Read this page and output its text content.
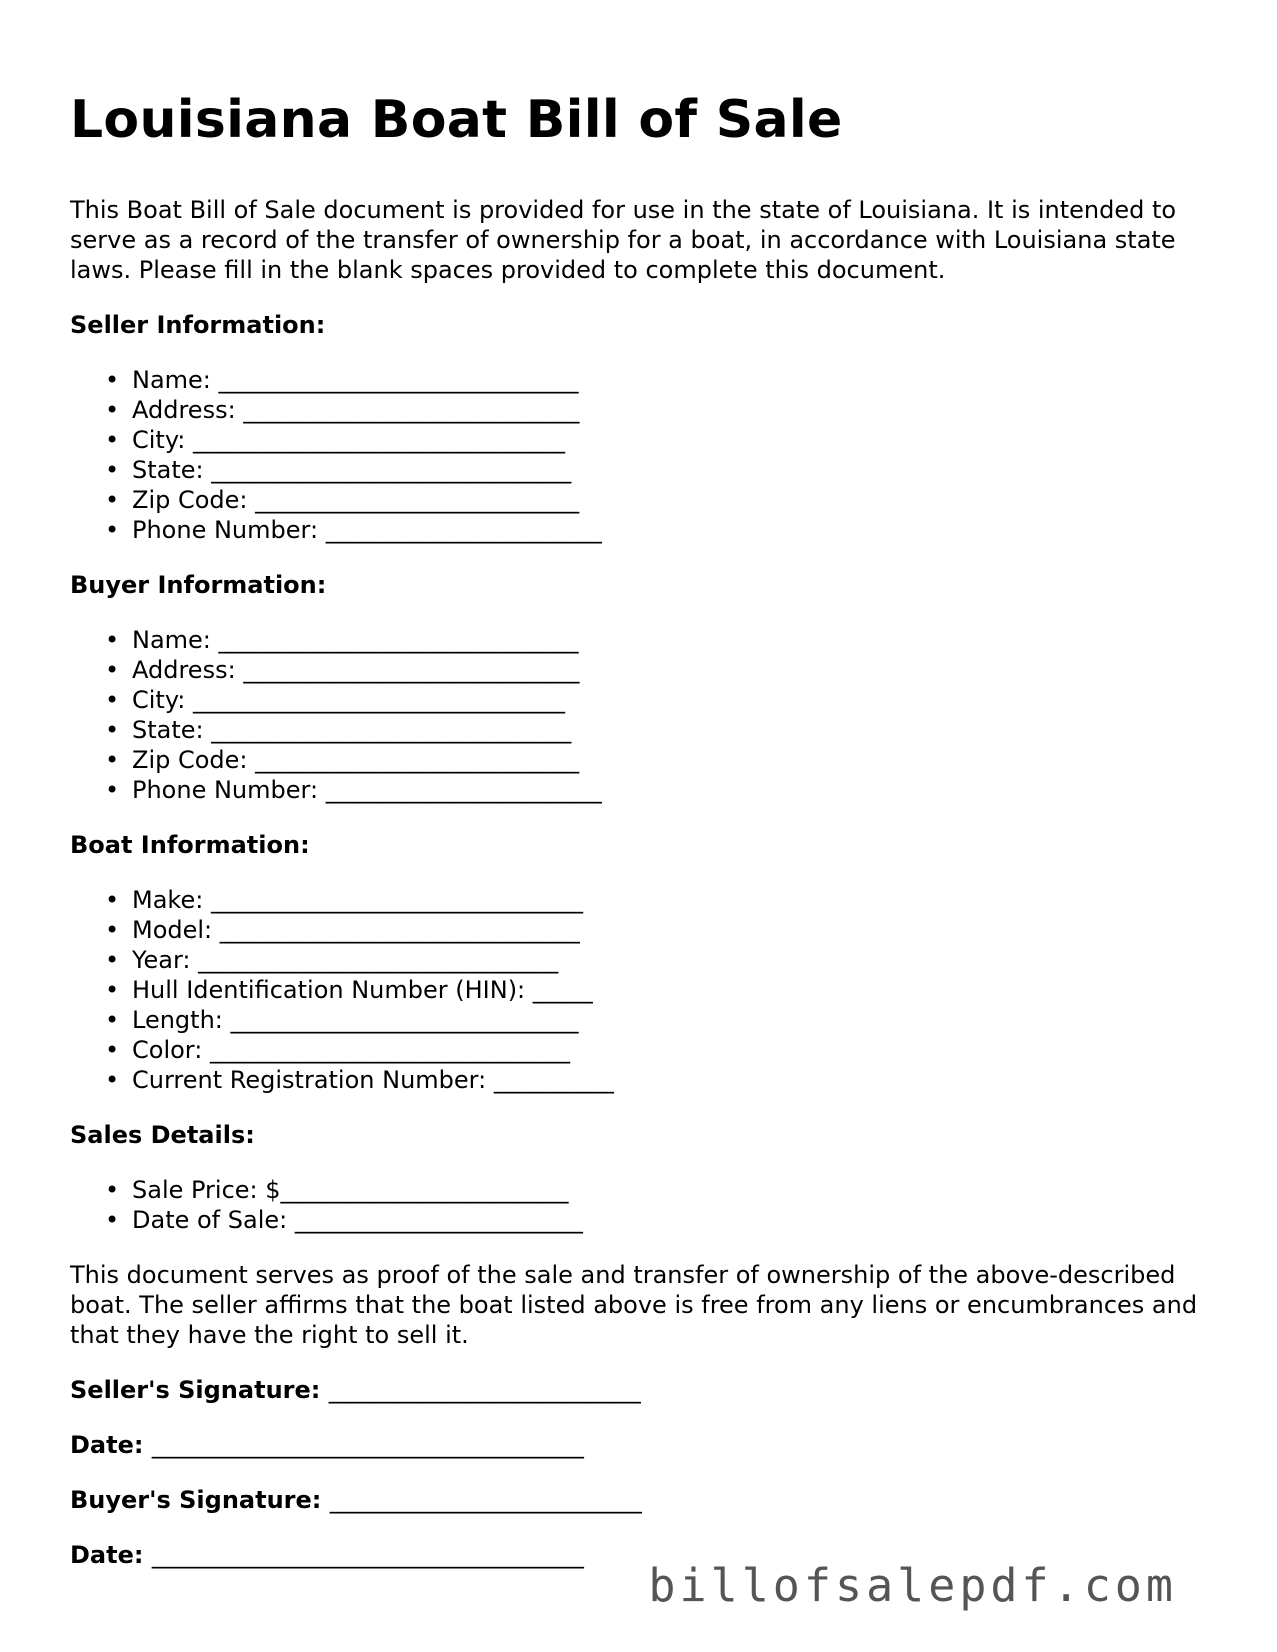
Louisiana Boat Bill of Sale

This Boat Bill of Sale document is provided for use in the state of Louisiana. It is intended to serve as a record of the transfer of ownership for a boat, in accordance with Louisiana state laws. Please fill in the blank spaces provided to complete this document.

Seller Information:
• Name: ______________________________
• Address: ____________________________
• City: _______________________________
• State: ______________________________
• Zip Code: ___________________________
• Phone Number: _______________________
Buyer Information:
• Name: ______________________________
• Address: ____________________________
• City: _______________________________
• State: ______________________________
• Zip Code: ___________________________
• Phone Number: _______________________
Boat Information:
• Make: _______________________________
• Model: ______________________________
• Year: ______________________________
• Hull Identification Number (HIN): _____
• Length: _____________________________
• Color: ______________________________
• Current Registration Number: __________
Sales Details:
• Sale Price: $________________________
• Date of Sale: ________________________

This document serves as proof of the sale and transfer of ownership of the above-described boat. The seller affirms that the boat listed above is free from any liens or encumbrances and that they have the right to sell it.

Seller's Signature: __________________________
Date: ____________________________________
Buyer's Signature: __________________________
Date: ____________________________________
billofsalepdf.com
